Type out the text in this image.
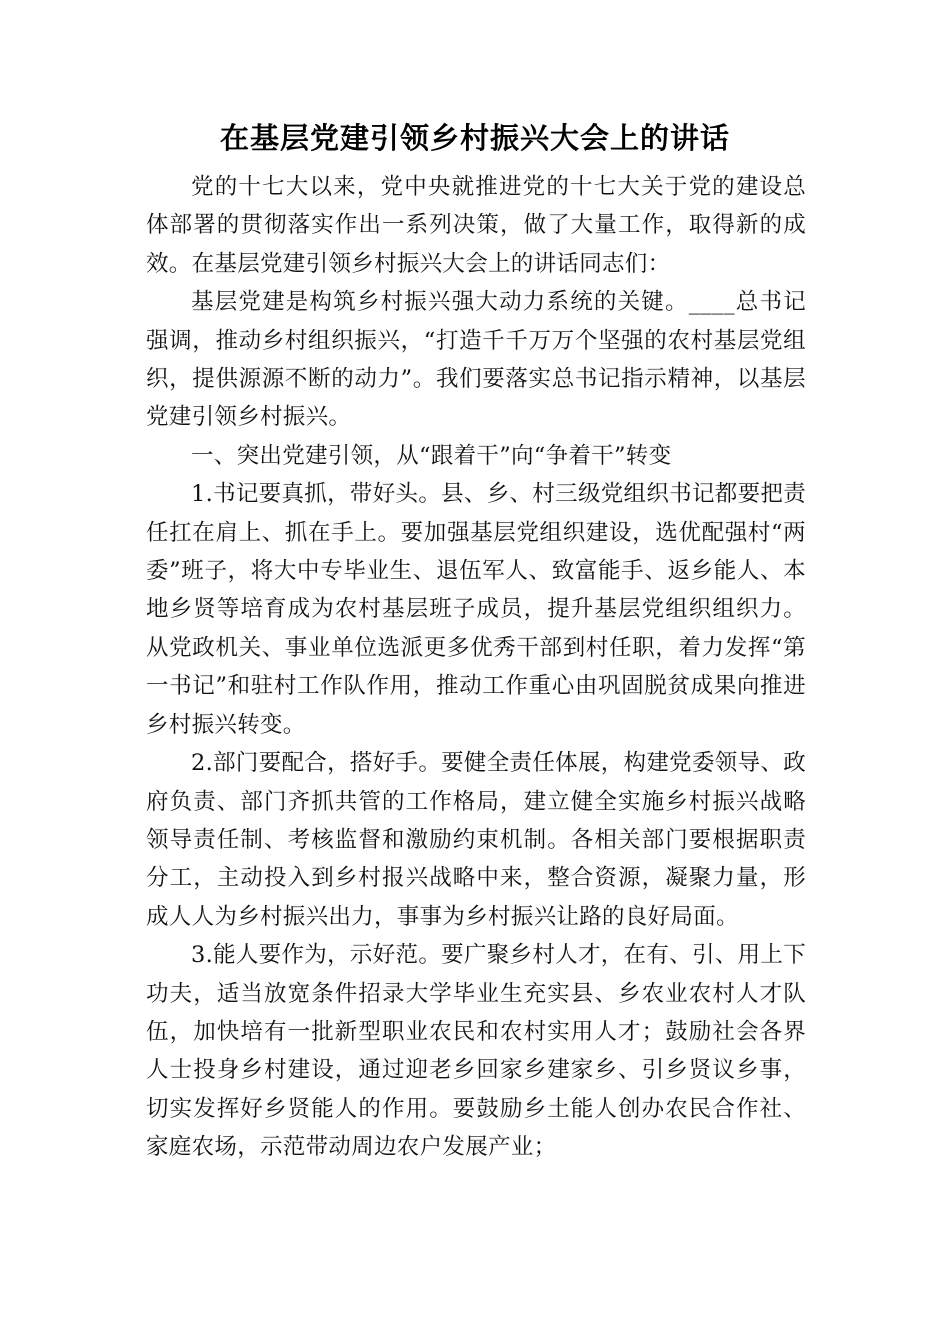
在基层党建引领乡村振兴大会上的讲话

党的十七大以来，党中央就推进党的十七大关于党的建设总体部署的贯彻落实作出一系列决策，做了大量工作，取得新的成效。在基层党建引领乡村振兴大会上的讲话同志们：

基层党建是构筑乡村振兴强大动力系统的关键。____总书记强调，推动乡村组织振兴，“打造千千万万个坚强的农村基层党组织，提供源源不断的动力”。我们要落实总书记指示精神，以基层党建引领乡村振兴。

一、突出党建引领，从“跟着干”向“争着干”转变

1.书记要真抓，带好头。县、乡、村三级党组织书记都要把责任扛在肩上、抓在手上。要加强基层党组织建设，选优配强村“两委”班子，将大中专毕业生、退伍军人、致富能手、返乡能人、本地乡贤等培育成为农村基层班子成员，提升基层党组织组织力。从党政机关、事业单位选派更多优秀干部到村任职，着力发挥“第一书记”和驻村工作队作用，推动工作重心由巩固脱贫成果向推进乡村振兴转变。

2.部门要配合，搭好手。要健全责任体展，构建党委领导、政府负责、部门齐抓共管的工作格局，建立健全实施乡村振兴战略领导责任制、考核监督和激励约束机制。各相关部门要根据职责分工，主动投入到乡村报兴战略中来，整合资源，凝聚力量，形成人人为乡村振兴出力，事事为乡村振兴让路的良好局面。

3.能人要作为，示好范。要广聚乡村人才，在有、引、用上下功夫，适当放宽条件招录大学毕业生充实县、乡农业农村人才队伍，加快培有一批新型职业农民和农村实用人才；鼓励社会各界人士投身乡村建设，通过迎老乡回家乡建家乡、引乡贤议乡事，切实发挥好乡贤能人的作用。要鼓励乡土能人创办农民合作社、家庭农场，示范带动周边农户发展产业；
